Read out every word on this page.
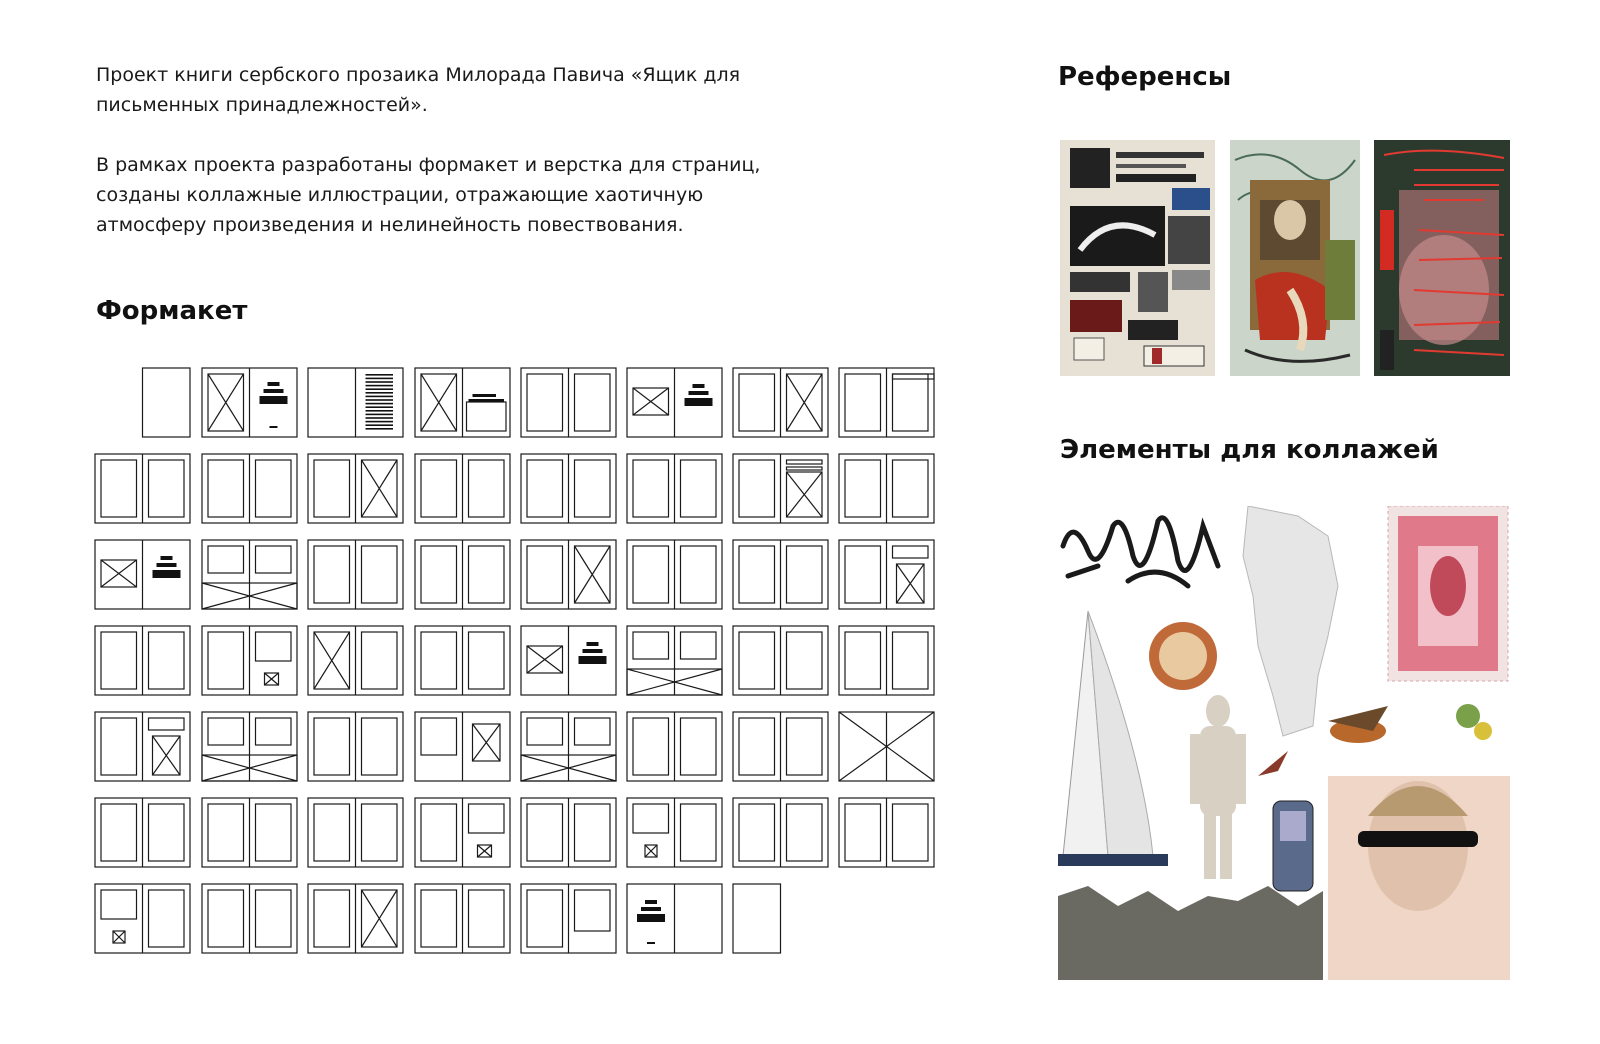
Проект книги сербского прозаика Милорада Павича «Ящик для письменных принадлежностей».

В рамках проекта разработаны формакет и верстка для страниц, созданы коллажные иллюстрации, отражающие хаотичную атмосферу произведения и нелинейность повествования.

Формакет
Референсы
Элементы для коллажей
